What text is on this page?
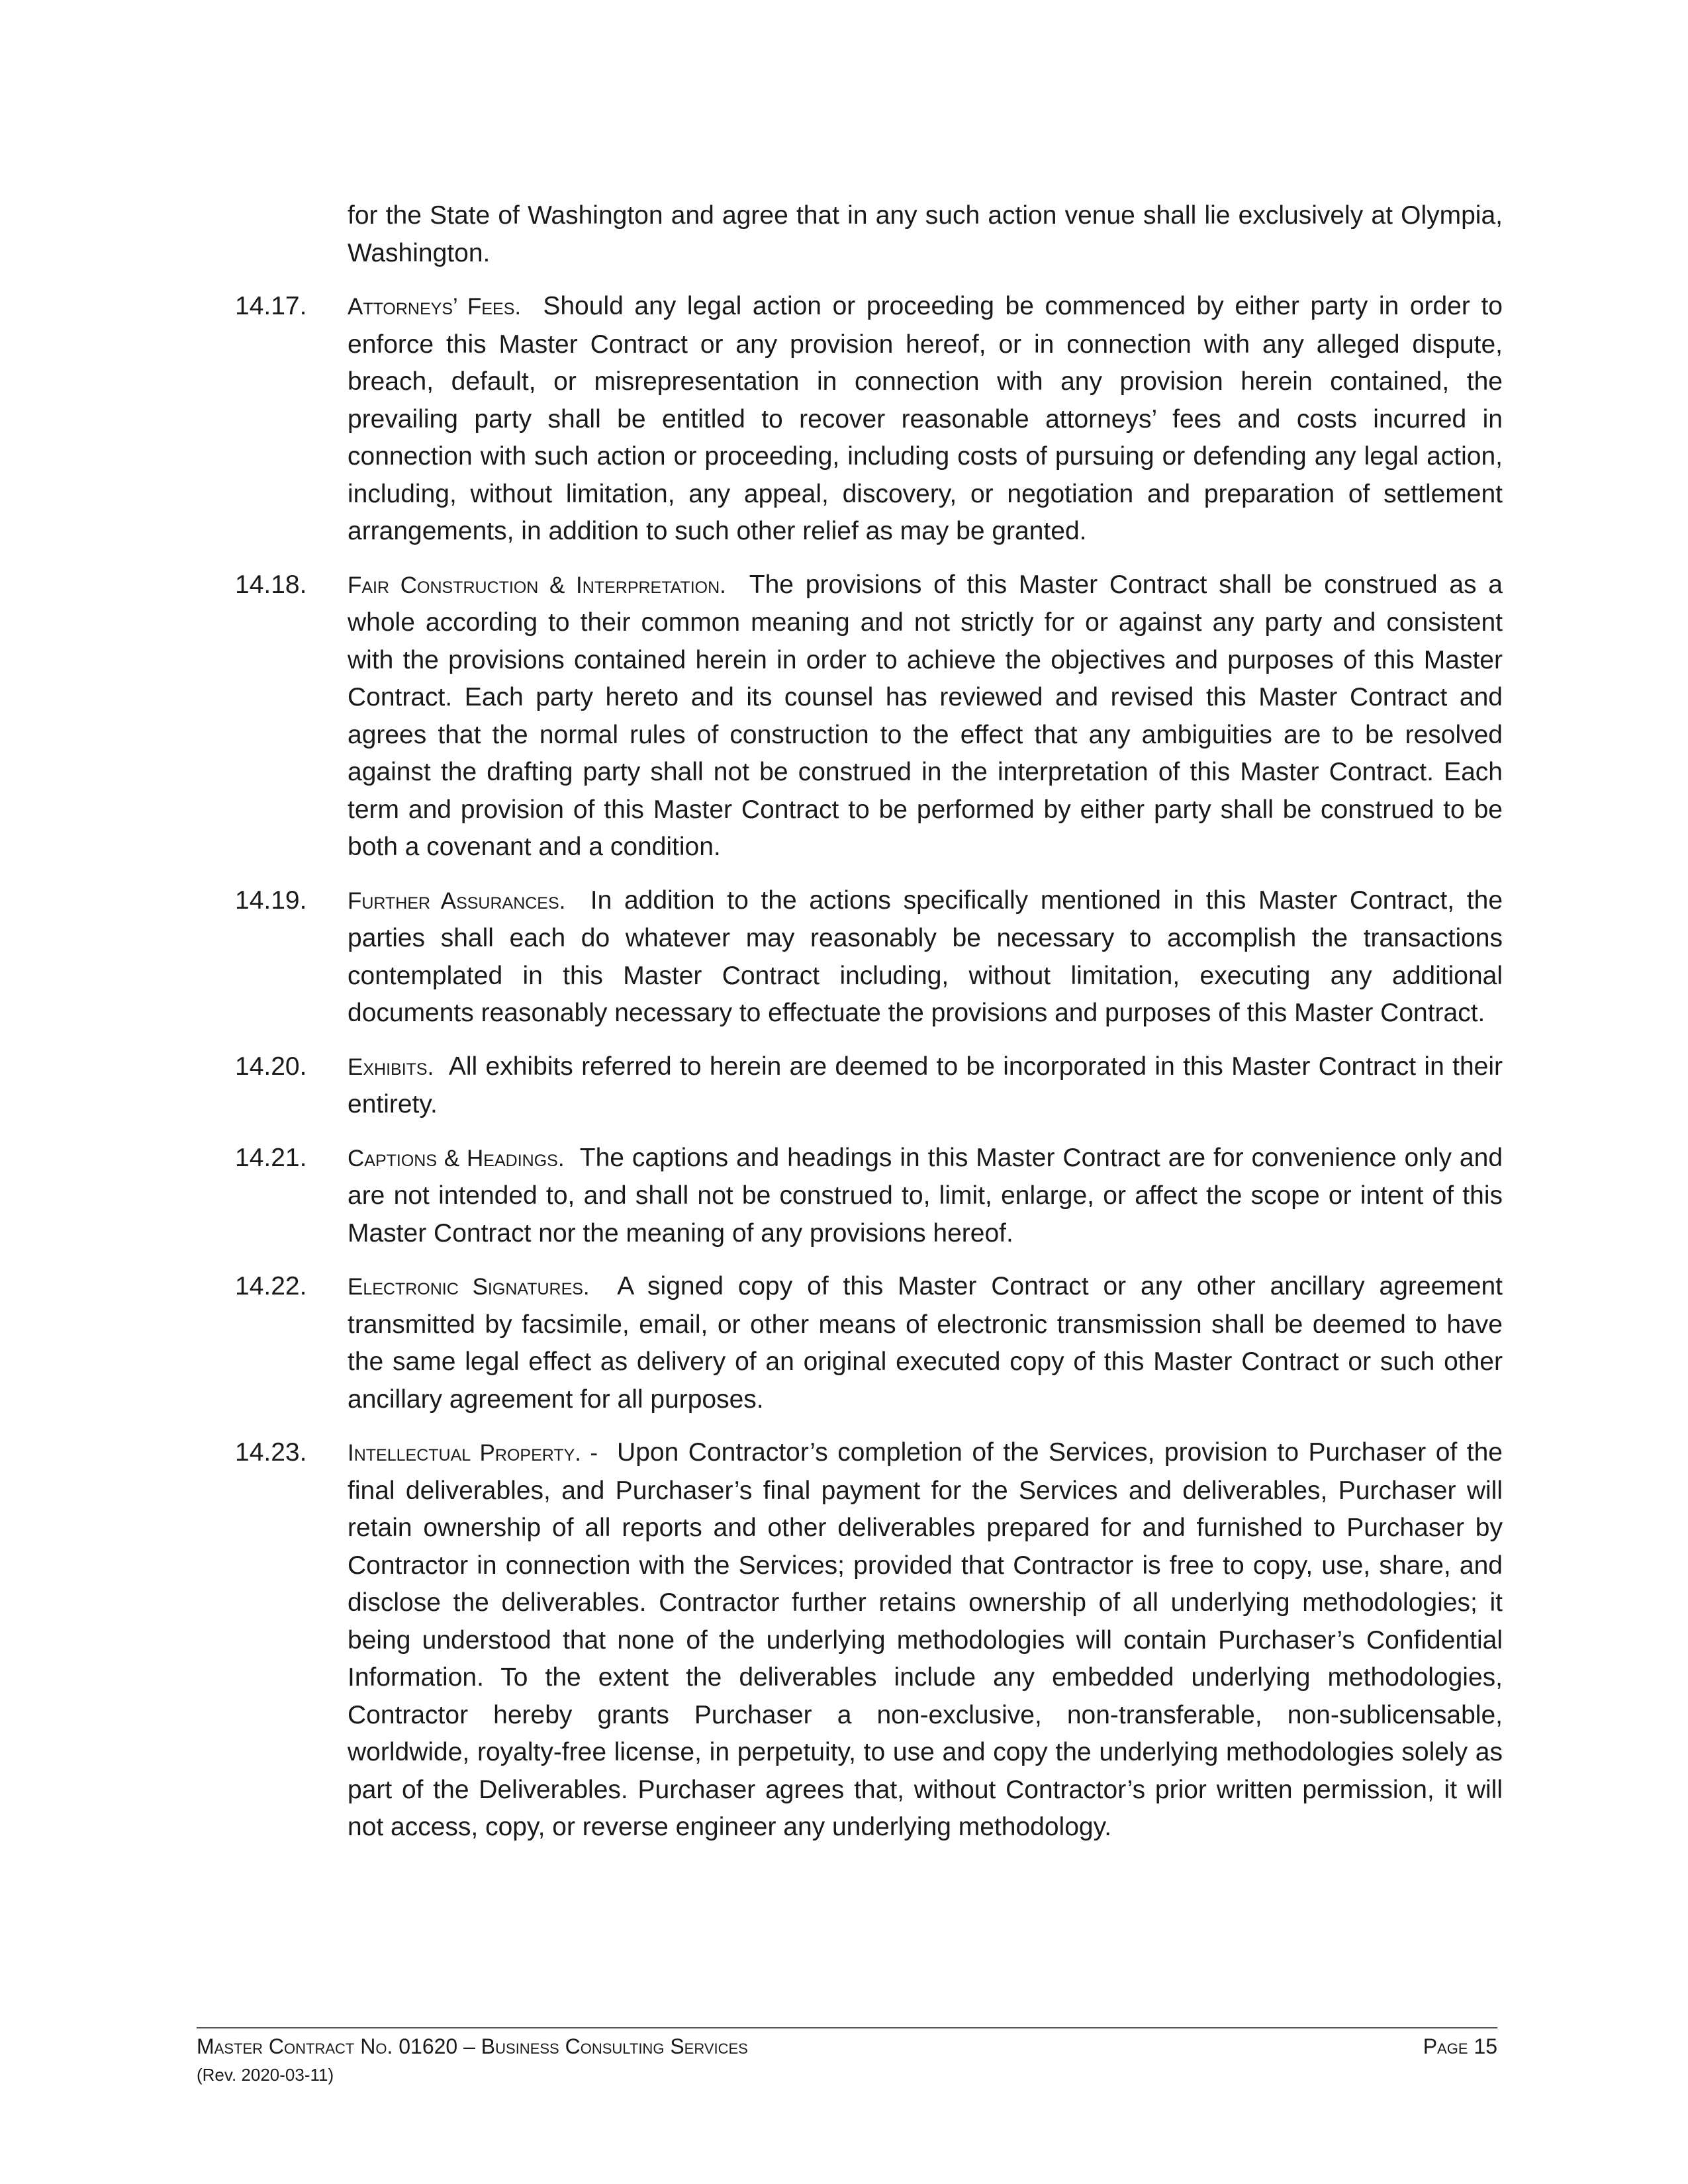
for the State of Washington and agree that in any such action venue shall lie exclusively at Olympia, Washington.

14.17. Attorneys’ Fees. Should any legal action or proceeding be commenced by either party in order to enforce this Master Contract or any provision hereof, or in connection with any alleged dispute, breach, default, or misrepresentation in connection with any provision herein contained, the prevailing party shall be entitled to recover reasonable attorneys’ fees and costs incurred in connection with such action or proceeding, including costs of pursuing or defending any legal action, including, without limitation, any appeal, discovery, or negotiation and preparation of settlement arrangements, in addition to such other relief as may be granted.
14.18. Fair Construction & Interpretation. The provisions of this Master Contract shall be construed as a whole according to their common meaning and not strictly for or against any party and consistent with the provisions contained herein in order to achieve the objectives and purposes of this Master Contract. Each party hereto and its counsel has reviewed and revised this Master Contract and agrees that the normal rules of construction to the effect that any ambiguities are to be resolved against the drafting party shall not be construed in the interpretation of this Master Contract. Each term and provision of this Master Contract to be performed by either party shall be construed to be both a covenant and a condition.
14.19. Further Assurances. In addition to the actions specifically mentioned in this Master Contract, the parties shall each do whatever may reasonably be necessary to accomplish the transactions contemplated in this Master Contract including, without limitation, executing any additional documents reasonably necessary to effectuate the provisions and purposes of this Master Contract.
14.20. Exhibits. All exhibits referred to herein are deemed to be incorporated in this Master Contract in their entirety.
14.21. Captions & Headings. The captions and headings in this Master Contract are for convenience only and are not intended to, and shall not be construed to, limit, enlarge, or affect the scope or intent of this Master Contract nor the meaning of any provisions hereof.
14.22. Electronic Signatures. A signed copy of this Master Contract or any other ancillary agreement transmitted by facsimile, email, or other means of electronic transmission shall be deemed to have the same legal effect as delivery of an original executed copy of this Master Contract or such other ancillary agreement for all purposes.
14.23. Intellectual Property. - Upon Contractor’s completion of the Services, provision to Purchaser of the final deliverables, and Purchaser’s final payment for the Services and deliverables, Purchaser will retain ownership of all reports and other deliverables prepared for and furnished to Purchaser by Contractor in connection with the Services; provided that Contractor is free to copy, use, share, and disclose the deliverables. Contractor further retains ownership of all underlying methodologies; it being understood that none of the underlying methodologies will contain Purchaser’s Confidential Information. To the extent the deliverables include any embedded underlying methodologies, Contractor hereby grants Purchaser a non-exclusive, non-transferable, non-sublicensable, worldwide, royalty-free license, in perpetuity, to use and copy the underlying methodologies solely as part of the Deliverables. Purchaser agrees that, without Contractor’s prior written permission, it will not access, copy, or reverse engineer any underlying methodology.
Master Contract No. 01620 – Business Consulting Services
(Rev. 2020-03-11)
Page 15
